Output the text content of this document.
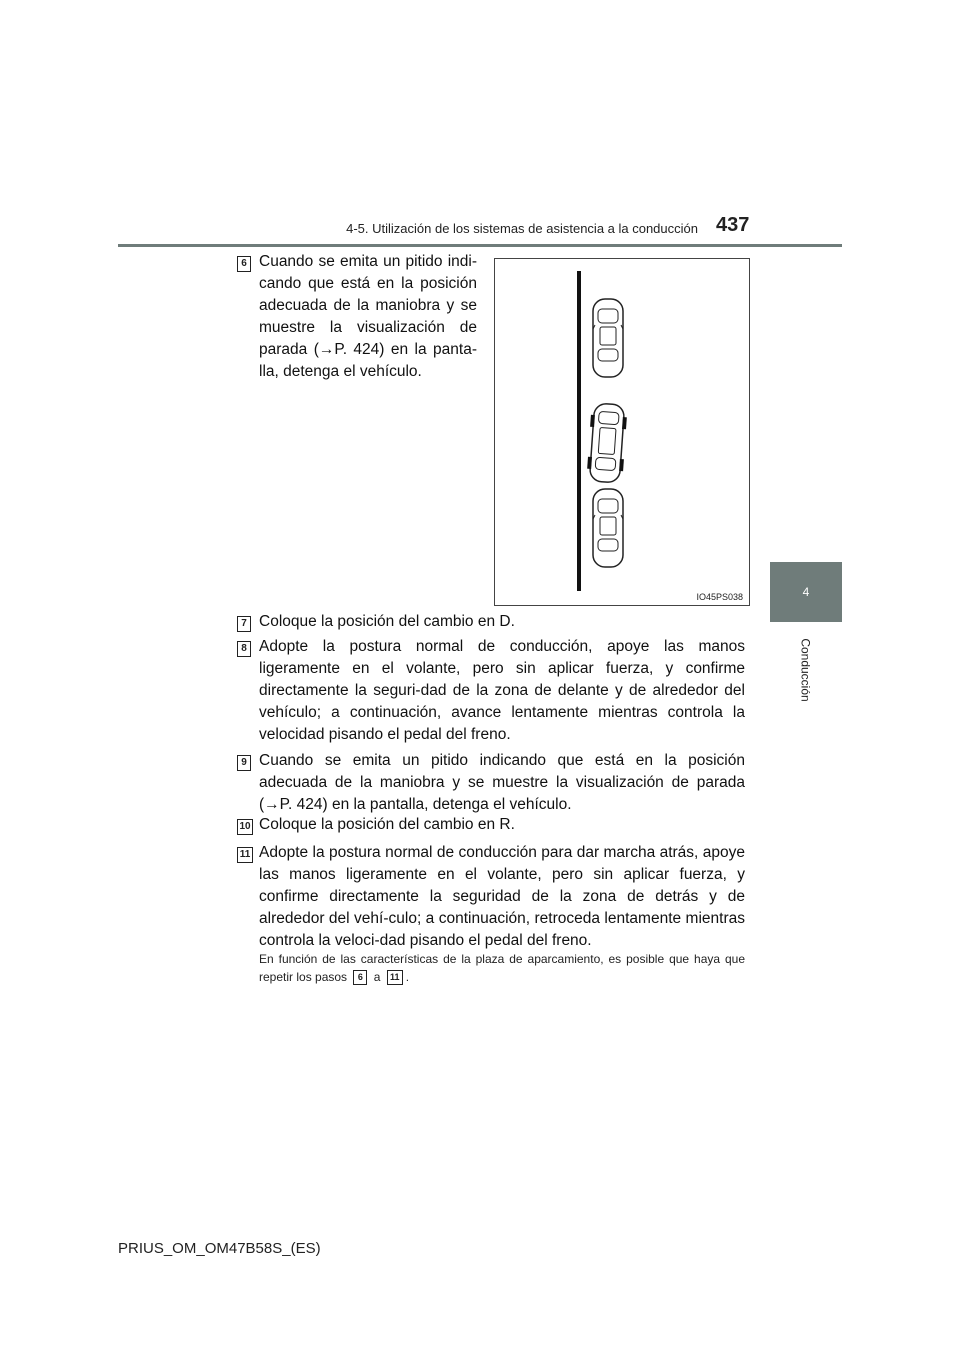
4-5. Utilización de los sistemas de asistencia a la conducción 437
4
Conducción
6 Cuando se emita un pitido indi-cando que está en la posición adecuada de la maniobra y se muestre la visualización de parada (→P. 424) en la panta-lla, detenga el vehículo.
IO45PS038
7 Coloque la posición del cambio en D.
8 Adopte la postura normal de conducción, apoye las manos ligeramente en el volante, pero sin aplicar fuerza, y confirme directamente la seguri-dad de la zona de delante y de alrededor del vehículo; a continuación, avance lentamente mientras controla la velocidad pisando el pedal del freno.
9 Cuando se emita un pitido indicando que está en la posición adecuada de la maniobra y se muestre la visualización de parada (→P. 424) en la pantalla, detenga el vehículo.
10 Coloque la posición del cambio en R.
11 Adopte la postura normal de conducción para dar marcha atrás, apoye las manos ligeramente en el volante, pero sin aplicar fuerza, y confirme directamente la seguridad de la zona de detrás y de alrededor del vehí-culo; a continuación, retroceda lentamente mientras controla la veloci-dad pisando el pedal del freno.
En función de las características de la plaza de aparcamiento, es posible que haya que repetir los pasos 6 a 11 .
PRIUS_OM_OM47B58S_(ES)
